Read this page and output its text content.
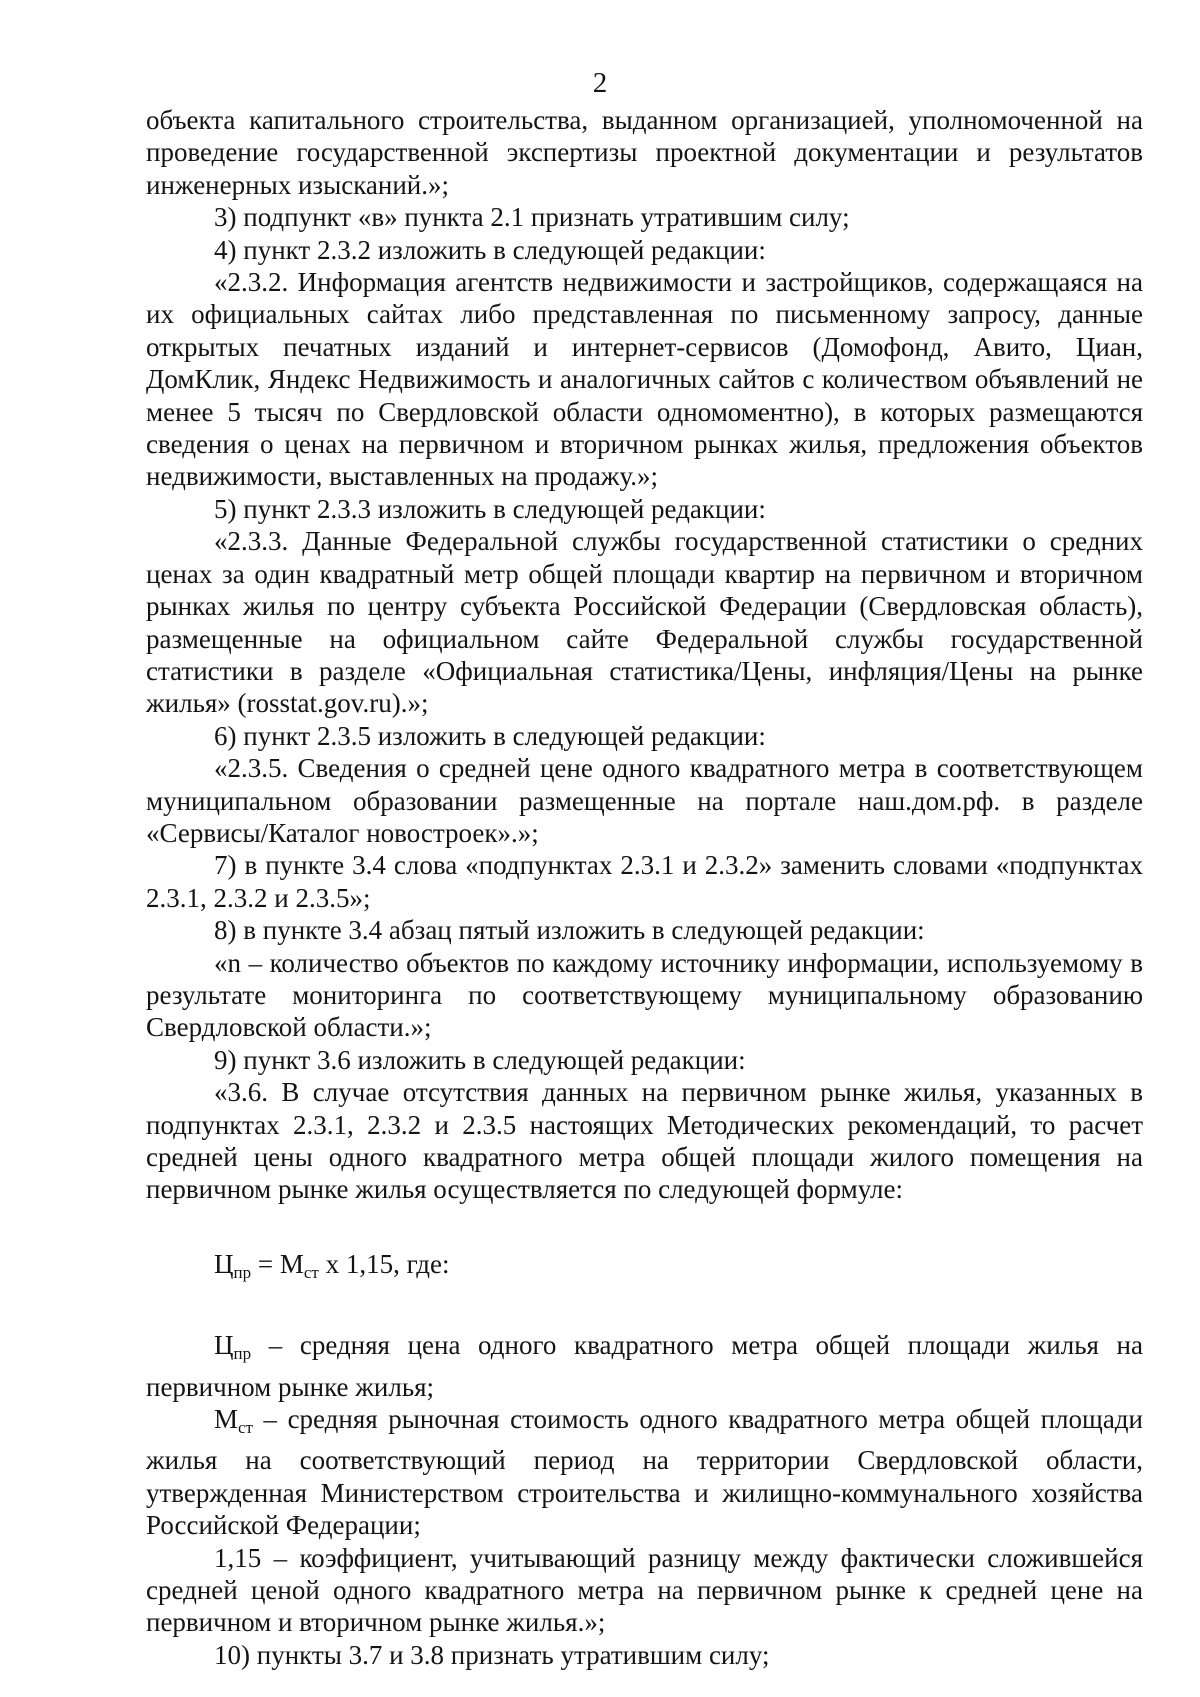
2

объекта капитального строительства, выданном организацией, уполномоченной на проведение государственной экспертизы проектной документации и результатов инженерных изысканий.»;

3) подпункт «в» пункта 2.1 признать утратившим силу;

4) пункт 2.3.2 изложить в следующей редакции:

«2.3.2. Информация агентств недвижимости и застройщиков, содержащаяся на их официальных сайтах либо представленная по письменному запросу, данные открытых печатных изданий и интернет-сервисов (Домофонд, Авито, Циан, ДомКлик, Яндекс Недвижимость и аналогичных сайтов с количеством объявлений не менее 5 тысяч по Свердловской области одномоментно), в которых размещаются сведения о ценах на первичном и вторичном рынках жилья, предложения объектов недвижимости, выставленных на продажу.»;

5) пункт 2.3.3 изложить в следующей редакции:

«2.3.3. Данные Федеральной службы государственной статистики о средних ценах за один квадратный метр общей площади квартир на первичном и вторичном рынках жилья по центру субъекта Российской Федерации (Свердловская область), размещенные на официальном сайте Федеральной службы государственной статистики в разделе «Официальная статистика/Цены, инфляция/Цены на рынке жилья» (rosstat.gov.ru).»;

6) пункт 2.3.5 изложить в следующей редакции:

«2.3.5. Сведения о средней цене одного квадратного метра в соответствующем муниципальном образовании размещенные на портале наш.дом.рф. в разделе «Сервисы/Каталог новостроек».»;

7) в пункте 3.4 слова «подпунктах 2.3.1 и 2.3.2» заменить словами «подпунктах 2.3.1, 2.3.2 и 2.3.5»;

8) в пункте 3.4 абзац пятый изложить в следующей редакции:

«n – количество объектов по каждому источнику информации, используемому в результате мониторинга по соответствующему муниципальному образованию Свердловской области.»;

9) пункт 3.6 изложить в следующей редакции:

«3.6. В случае отсутствия данных на первичном рынке жилья, указанных в подпунктах 2.3.1, 2.3.2 и 2.3.5 настоящих Методических рекомендаций, то расчет средней цены одного квадратного метра общей площади жилого помещения на первичном рынке жилья осуществляется по следующей формуле:

$Ц_{пр} = М_{ст}$ х 1,15, где:

$Ц_{пр}$ – средняя цена одного квадратного метра общей площади жилья на первичном рынке жилья;

$М_{ст}$ – средняя рыночная стоимость одного квадратного метра общей площади жилья на соответствующий период на территории Свердловской области, утвержденная Министерством строительства и жилищно-коммунального хозяйства Российской Федерации;

1,15 – коэффициент, учитывающий разницу между фактически сложившейся средней ценой одного квадратного метра на первичном рынке к средней цене на первичном и вторичном рынке жилья.»;

10) пункты 3.7 и 3.8 признать утратившим силу;
